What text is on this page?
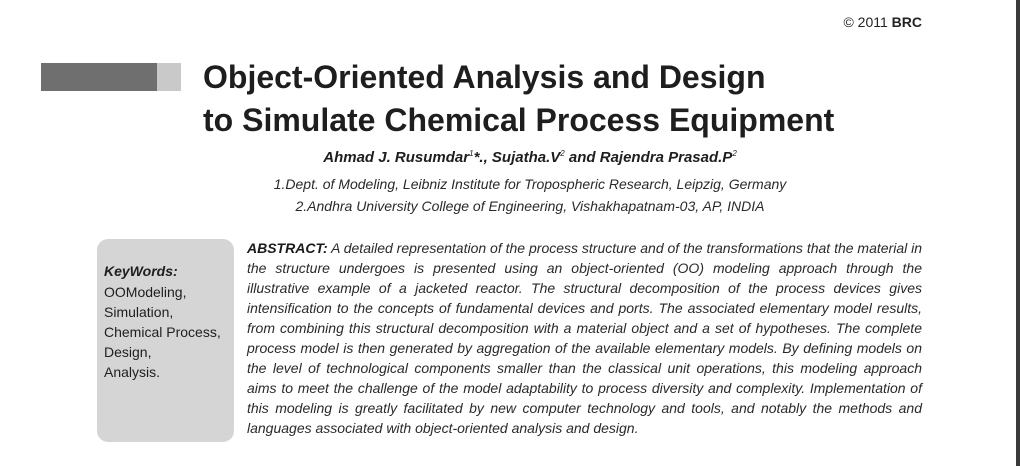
© 2011 BRC
Object-Oriented Analysis and Design
to Simulate Chemical Process Equipment
Ahmad J. Rusumdar$^1$*., $Sujatha.V^2$ and Rajendra $Prasad.P^2$
1.Dept. of Modeling, Leibniz Institute for Tropospheric Research, Leipzig, Germany
2.Andhra University College of Engineering, Vishakhapatnam-03, AP, INDIA
KeyWords:
OOModeling,
Simulation,
Chemical Process,
Design,
Analysis.

ABSTRACT: A detailed representation of the process structure and of the transformations that the material in the structure undergoes is presented using an object-oriented (OO) modeling approach through the illustrative example of a jacketed reactor. The structural decomposition of the process devices gives intensification to the concepts of fundamental devices and ports. The associated elementary model results, from combining this structural decomposition with a material object and a set of hypotheses. The complete process model is then generated by aggregation of the available elementary models. By defining models on the level of technological components smaller than the classical unit operations, this modeling approach aims to meet the challenge of the model adaptability to process diversity and complexity. Implementation of this modeling is greatly facilitated by new computer technology and tools, and notably the methods and languages associated with object-oriented analysis and design.
